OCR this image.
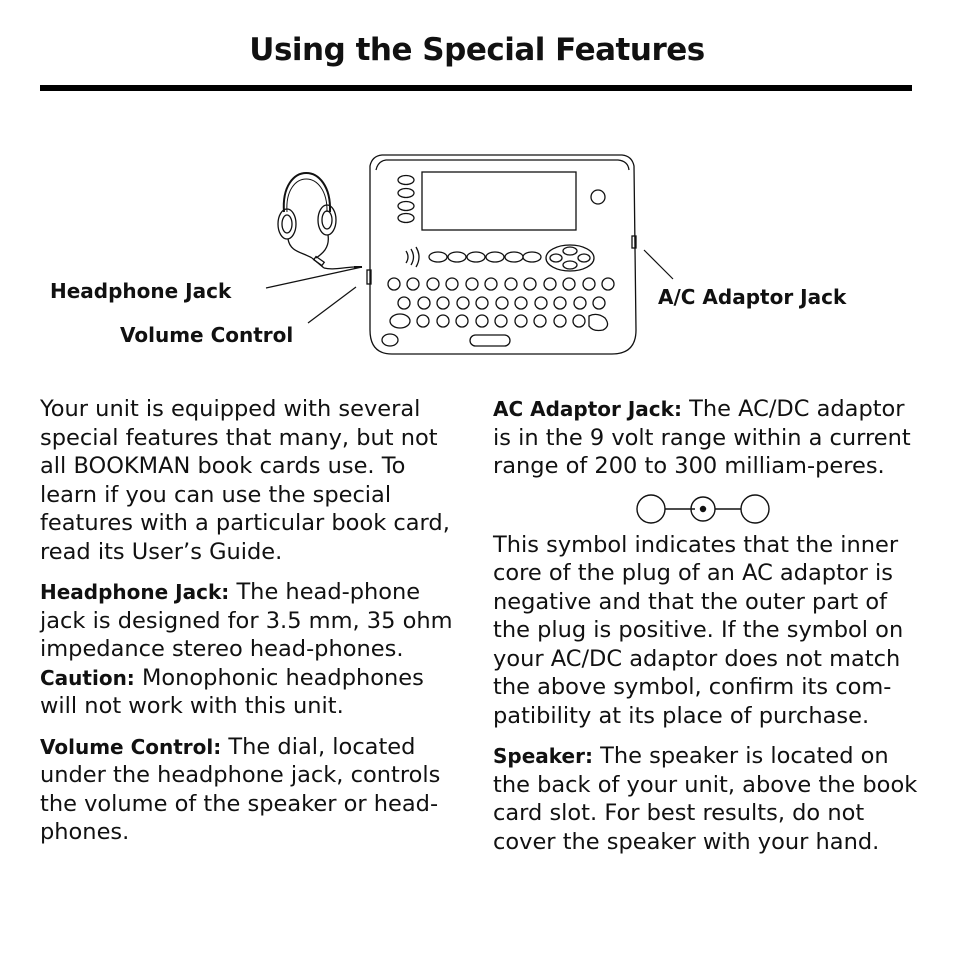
Using the Special Features
Headphone Jack
Volume Control
A/C Adaptor Jack

Your unit is equipped with several special features that many, but not all BOOKMAN book cards use. To learn if you can use the special features with a particular book card, read its User’s Guide.

Headphone Jack: The head-phone jack is designed for 3.5 mm, 35 ohm impedance stereo head-phones. Caution: Monophonic headphones will not work with this unit.

Volume Control: The dial, located under the headphone jack, controls the volume of the speaker or head-phones.

AC Adaptor Jack: The AC/DC adaptor is in the 9 volt range within a current range of 200 to 300 milliam-peres.

This symbol indicates that the inner core of the plug of an AC adaptor is negative and that the outer part of the plug is positive. If the symbol on your AC/DC adaptor does not match the above symbol, confirm its com-patibility at its place of purchase.

Speaker: The speaker is located on the back of your unit, above the book card slot. For best results, do not cover the speaker with your hand.
